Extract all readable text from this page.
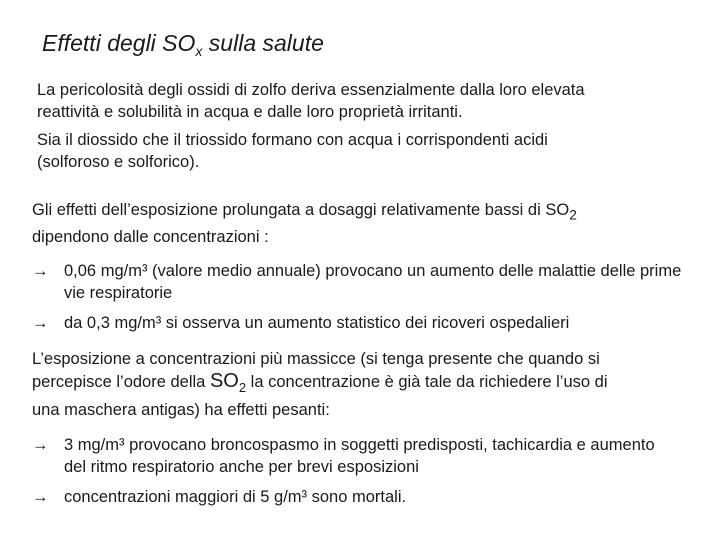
Effetti degli $SO_x$ sulla salute

La pericolosità degli ossidi di zolfo deriva essenzialmente dalla loro elevata

reattività e solubilità in acqua e dalle loro proprietà irritanti.

Sia il diossido che il triossido formano con acqua i corrispondenti acidi

(solforoso e solforico).

Gli effetti dell’esposizione prolungata a dosaggi relativamente bassi di $SO_2$

dipendono dalle concentrazioni :

→ 0,06 mg/m³ (valore medio annuale) provocano un aumento delle malattie delle prime vie respiratorie
→ da 0,3 mg/m³ si osserva un aumento statistico dei ricoveri ospedalieri

L’esposizione a concentrazioni più massicce (si tenga presente che quando si

percepisce l’odore della $SO_2$ la concentrazione è già tale da richiedere l’uso di

una maschera antigas) ha effetti pesanti:

→ 3 mg/m³ provocano broncospasmo in soggetti predisposti, tachicardia e aumento del ritmo respiratorio anche per brevi esposizioni
→ concentrazioni maggiori di 5 g/m³ sono mortali.
